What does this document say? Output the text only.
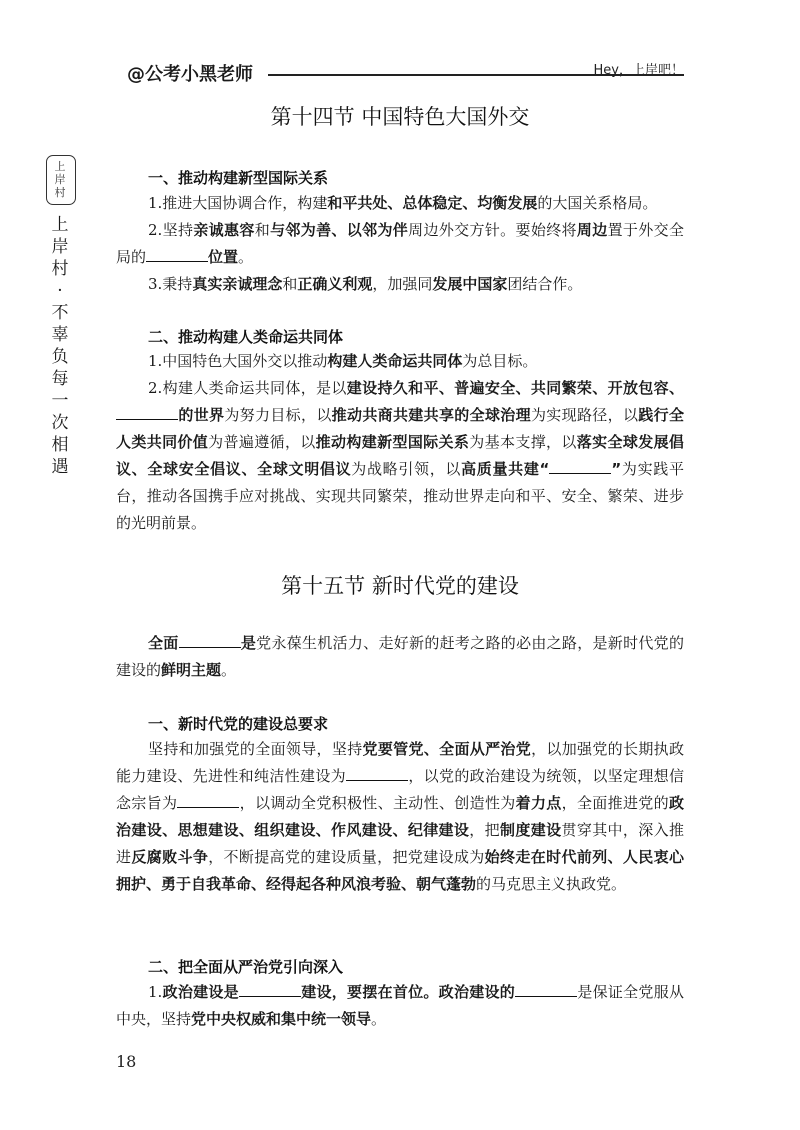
@公考小黑老师	Hey，上岸吧！
上岸村
上
岸
村
·
不
辜
负
每
一
次
相
遇
第十四节 中国特色大国外交
一、推动构建新型国际关系
1.推进大国协调合作，构建和平共处、总体稳定、均衡发展的大国关系格局。
2.坚持亲诚惠容和与邻为善、以邻为伴周边外交方针。要始终将周边置于外交全局的	位置。
3.秉持真实亲诚理念和正确义利观，加强同发展中国家团结合作。
二、推动构建人类命运共同体
1.中国特色大国外交以推动构建人类命运共同体为总目标。
2.构建人类命运共同体，是以建设持久和平、普遍安全、共同繁荣、开放包容、的世界为努力目标，以推动共商共建共享的全球治理为实现路径，以践行全人类共同价值为普遍遵循，以推动构建新型国际关系为基本支撑，以落实全球发展倡议、全球安全倡议、全球文明倡议为战略引领，以高质量共建“	”为实践平台，推动各国携手应对挑战、实现共同繁荣，推动世界走向和平、安全、繁荣、进步的光明前景。
第十五节 新时代党的建设
全面	是党永葆生机活力、走好新的赶考之路的必由之路，是新时代党的建设的鲜明主题。
一、新时代党的建设总要求
坚持和加强党的全面领导，坚持党要管党、全面从严治党，以加强党的长期执政能力建设、先进性和纯洁性建设为	，以党的政治建设为统领，以坚定理想信念宗旨为	，以调动全党积极性、主动性、创造性为着力点，全面推进党的政治建设、思想建设、组织建设、作风建设、纪律建设，把制度建设贯穿其中，深入推进反腐败斗争，不断提高党的建设质量，把党建设成为始终走在时代前列、人民衷心拥护、勇于自我革命、经得起各种风浪考验、朝气蓬勃的马克思主义执政党。
二、把全面从严治党引向深入
1.政治建设是	建设，要摆在首位。政治建设的	是保证全党服从中央，坚持党中央权威和集中统一领导。
18
